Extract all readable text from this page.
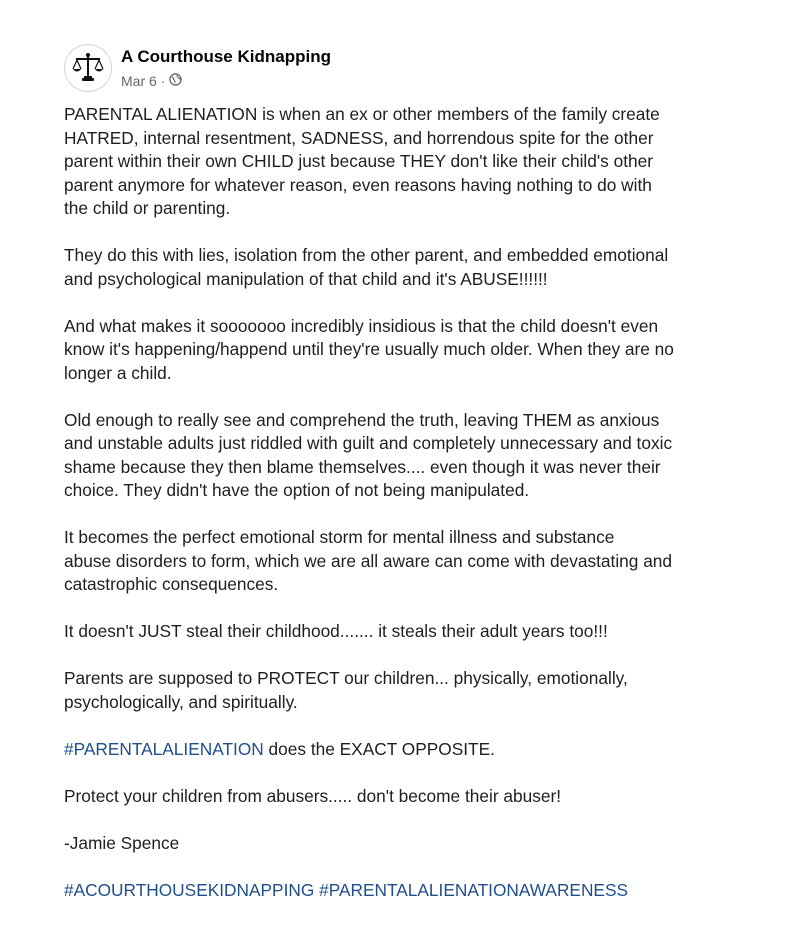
A Courthouse Kidnapping
Mar 6 ·

PARENTAL ALIENATION is when an ex or other members of the family create
HATRED, internal resentment, SADNESS, and horrendous spite for the other
parent within their own CHILD just because THEY don't like their child's other
parent anymore for whatever reason, even reasons having nothing to do with
the child or parenting.

They do this with lies, isolation from the other parent, and embedded emotional
and psychological manipulation of that child and it's ABUSE!!!!!!

And what makes it sooooooo incredibly insidious is that the child doesn't even
know it's happening/happend until they're usually much older. When they are no
longer a child.

Old enough to really see and comprehend the truth, leaving THEM as anxious
and unstable adults just riddled with guilt and completely unnecessary and toxic
shame because they then blame themselves.... even though it was never their
choice. They didn't have the option of not being manipulated.

It becomes the perfect emotional storm for mental illness and substance
abuse disorders to form, which we are all aware can come with devastating and
catastrophic consequences.

It doesn't JUST steal their childhood....... it steals their adult years too!!!

Parents are supposed to PROTECT our children... physically, emotionally,
psychologically, and spiritually.

#PARENTALALIENATION does the EXACT OPPOSITE.

Protect your children from abusers..... don't become their abuser!

-Jamie Spence

#ACOURTHOUSEKIDNAPPING #PARENTALALIENATIONAWARENESS
